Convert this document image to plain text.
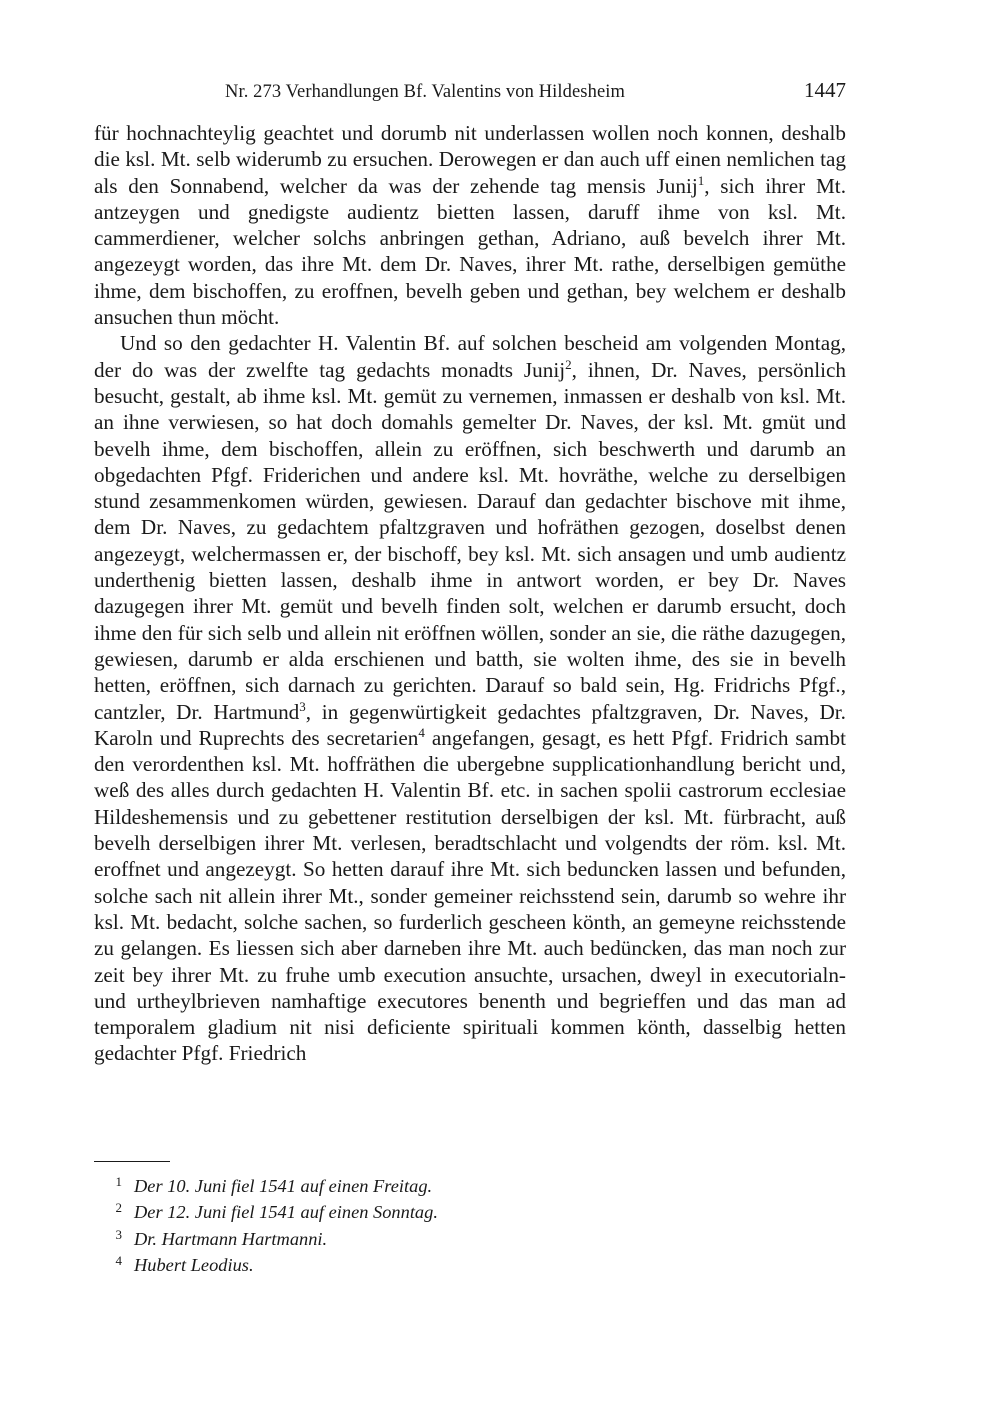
Nr. 273 Verhandlungen Bf. Valentins von Hildesheim	1447

für hochnachteylig geachtet und dorumb nit underlassen wollen noch konnen, deshalb die ksl. Mt. selb widerumb zu ersuchen. Derowegen er dan auch uff einen nemlichen tag als den Sonnabend, welcher da was der zehende tag mensis Junij$^1$, sich ihrer Mt. antzeygen und gnedigste audientz bietten lassen, daruff ihme von ksl. Mt. cammerdiener, welcher solchs anbringen gethan, Adriano, auß bevelch ihrer Mt. angezeygt worden, das ihre Mt. dem Dr. Naves, ihrer Mt. rathe, derselbigen gemüthe ihme, dem bischoffen, zu eroffnen, bevelh geben und gethan, bey welchem er deshalb ansuchen thun möcht.

Und so den gedachter H. Valentin Bf. auf solchen bescheid am volgenden Montag, der do was der zwelfte tag gedachts monadts Junij$^2$, ihnen, Dr. Naves, persönlich besucht, gestalt, ab ihme ksl. Mt. gemüt zu vernemen, inmassen er deshalb von ksl. Mt. an ihne verwiesen, so hat doch domahls gemelter Dr. Naves, der ksl. Mt. gmüt und bevelh ihme, dem bischoffen, allein zu eröffnen, sich beschwerth und darumb an obgedachten Pfgf. Friderichen und andere ksl. Mt. hovräthe, welche zu derselbigen stund zesammenkomen würden, gewiesen. Darauf dan gedachter bischove mit ihme, dem Dr. Naves, zu gedachtem pfaltzgraven und hofräthen gezogen, doselbst denen angezeygt, welchermassen er, der bischoff, bey ksl. Mt. sich ansagen und umb audientz underthenig bietten lassen, deshalb ihme in antwort worden, er bey Dr. Naves dazugegen ihrer Mt. gemüt und bevelh finden solt, welchen er darumb ersucht, doch ihme den für sich selb und allein nit eröffnen wöllen, sonder an sie, die räthe dazugegen, gewiesen, darumb er alda erschienen und batth, sie wolten ihme, des sie in bevelh hetten, eröffnen, sich darnach zu gerichten. Darauf so bald sein, Hg. Fridrichs Pfgf., cantzler, Dr. Hartmund$^3$, in gegenwürtigkeit gedachtes pfaltzgraven, Dr. Naves, Dr. Karoln und Ruprechts des secretarien$^4$ angefangen, gesagt, es hett Pfgf. Fridrich sambt den verordenthen ksl. Mt. hoffräthen die ubergebne supplicationhandlung bericht und, weß des alles durch gedachten H. Valentin Bf. etc. in sachen spolii castrorum ecclesiae Hildeshemensis und zu gebettener restitution derselbigen der ksl. Mt. fürbracht, auß bevelh derselbigen ihrer Mt. verlesen, beradtschlacht und volgendts der röm. ksl. Mt. eroffnet und angezeygt. So hetten darauf ihre Mt. sich beduncken lassen und befunden, solche sach nit allein ihrer Mt., sonder gemeiner reichsstend sein, darumb so wehre ihr ksl. Mt. bedacht, solche sachen, so furderlich gescheen könth, an gemeyne reichsstende zu gelangen. Es liessen sich aber darneben ihre Mt. auch bedüncken, das man noch zur zeit bey ihrer Mt. zu fruhe umb execution ansuchte, ursachen, dweyl in executorialn- und urtheylbrieven namhaftige executores benenth und begrieffen und das man ad temporalem gladium nit nisi deficiente spirituali kommen könth, dasselbig hetten gedachter Pfgf. Friedrich

1 Der 10. Juni fiel 1541 auf einen Freitag.
2 Der 12. Juni fiel 1541 auf einen Sonntag.
3 Dr. Hartmann Hartmanni.
4 Hubert Leodius.
